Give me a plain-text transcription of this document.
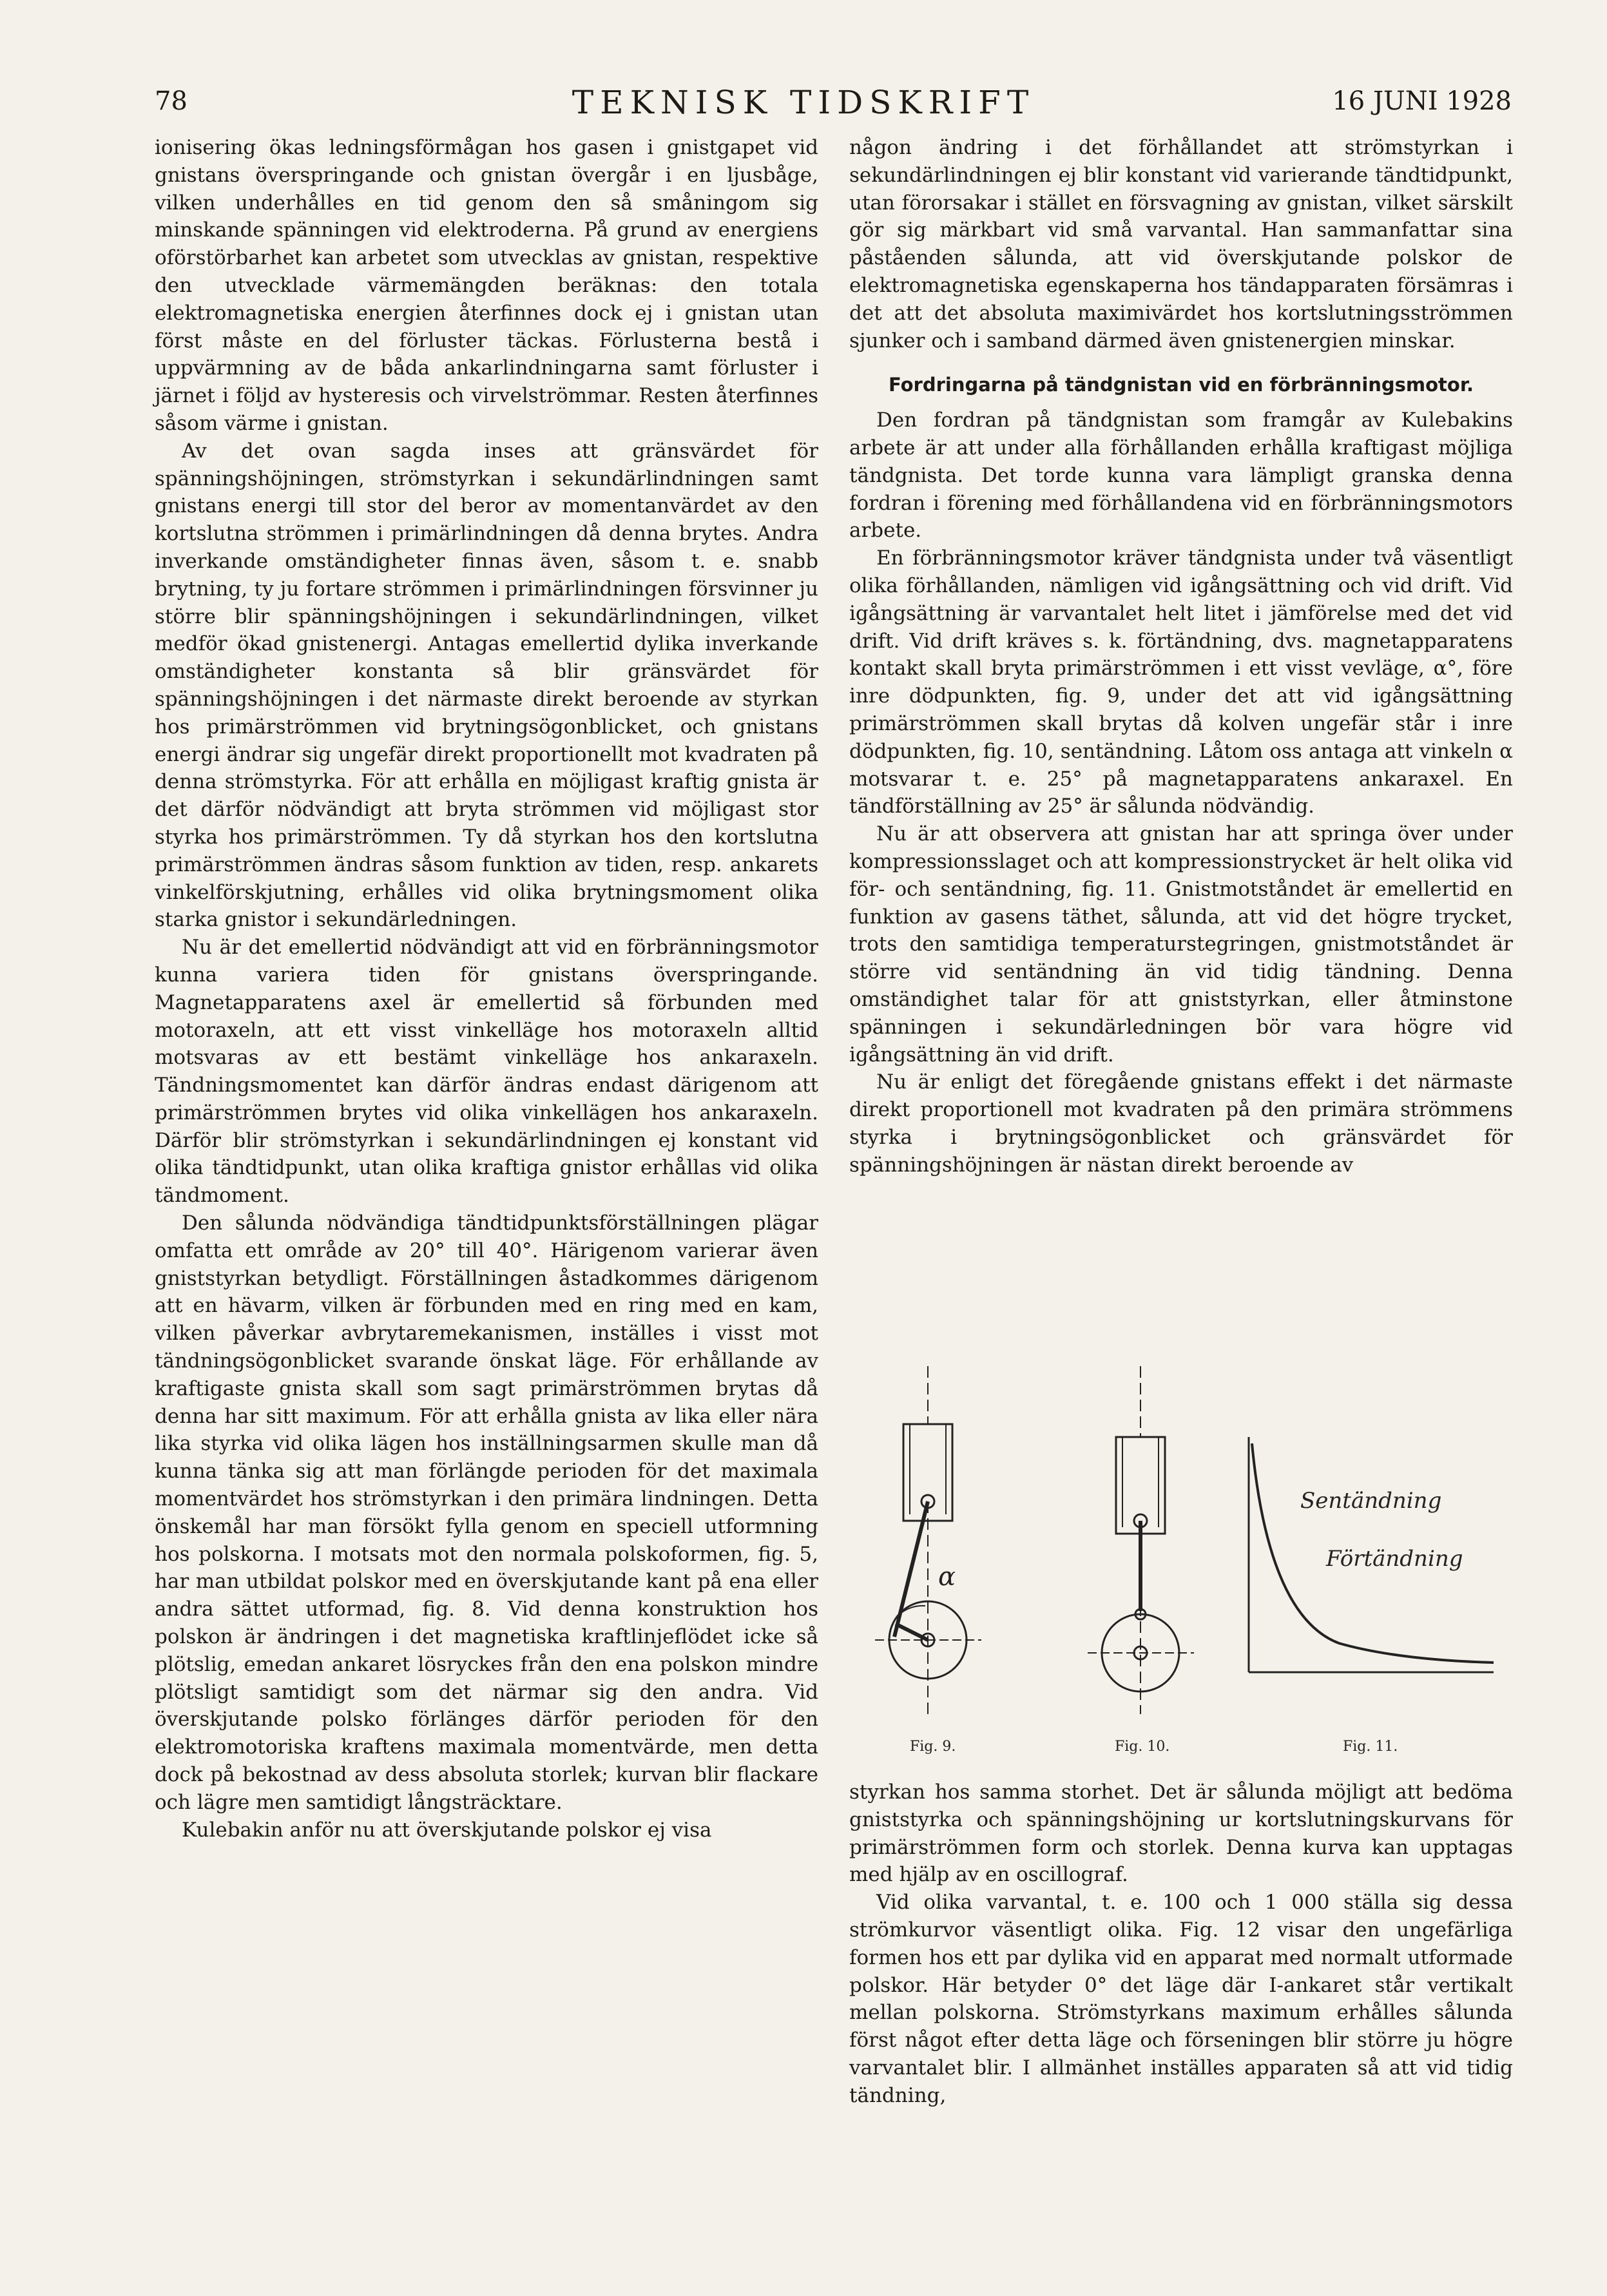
78	TEKNISK TIDSKRIFT	16 JUNI 1928

ionisering ökas ledningsförmågan hos gasen i gnistgapet vid gnistans överspringande och gnistan övergår i en ljusbåge, vilken underhålles en tid genom den så småningom sig minskande spänningen vid elektroderna. På grund av energiens oförstörbarhet kan arbetet som utvecklas av gnistan, respektive den utvecklade värmemängden beräknas: den totala elektromagnetiska energien återfinnes dock ej i gnistan utan först måste en del förluster täckas. Förlusterna bestå i uppvärmning av de båda ankarlindningarna samt förluster i järnet i följd av hysteresis och virvelströmmar. Resten återfinnes såsom värme i gnistan.

Av det ovan sagda inses att gränsvärdet för spänningshöjningen, strömstyrkan i sekundärlindningen samt gnistans energi till stor del beror av momentanvärdet av den kortslutna strömmen i primärlindningen då denna brytes. Andra inverkande omständigheter finnas även, såsom t. e. snabb brytning, ty ju fortare strömmen i primärlindningen försvinner ju större blir spänningshöjningen i sekundärlindningen, vilket medför ökad gnistenergi. Antagas emellertid dylika inverkande omständigheter konstanta så blir gränsvärdet för spänningshöjningen i det närmaste direkt beroende av styrkan hos primärströmmen vid brytningsögonblicket, och gnistans energi ändrar sig ungefär direkt proportionellt mot kvadraten på denna strömstyrka. För att erhålla en möjligast kraftig gnista är det därför nödvändigt att bryta strömmen vid möjligast stor styrka hos primärströmmen. Ty då styrkan hos den kortslutna primärströmmen ändras såsom funktion av tiden, resp. ankarets vinkelförskjutning, erhålles vid olika brytningsmoment olika starka gnistor i sekundärledningen.

Nu är det emellertid nödvändigt att vid en förbränningsmotor kunna variera tiden för gnistans överspringande. Magnetapparatens axel är emellertid så förbunden med motoraxeln, att ett visst vinkelläge hos motoraxeln alltid motsvaras av ett bestämt vinkelläge hos ankaraxeln. Tändningsmomentet kan därför ändras endast därigenom att primärströmmen brytes vid olika vinkellägen hos ankaraxeln. Därför blir strömstyrkan i sekundärlindningen ej konstant vid olika tändtidpunkt, utan olika kraftiga gnistor erhållas vid olika tändmoment.

Den sålunda nödvändiga tändtidpunktsförställningen plägar omfatta ett område av 20° till 40°. Härigenom varierar även gniststyrkan betydligt. Förställningen åstadkommes därigenom att en hävarm, vilken är förbunden med en ring med en kam, vilken påverkar avbrytaremekanismen, inställes i visst mot tändningsögonblicket svarande önskat läge. För erhållande av kraftigaste gnista skall som sagt primärströmmen brytas då denna har sitt maximum. För att erhålla gnista av lika eller nära lika styrka vid olika lägen hos inställningsarmen skulle man då kunna tänka sig att man förlängde perioden för det maximala momentvärdet hos strömstyrkan i den primära lindningen. Detta önskemål har man försökt fylla genom en speciell utformning hos polskorna. I motsats mot den normala polskoformen, fig. 5, har man utbildat polskor med en överskjutande kant på ena eller andra sättet utformad, fig. 8. Vid denna konstruktion hos polskon är ändringen i det magnetiska kraftlinjeflödet icke så plötslig, emedan ankaret lösryckes från den ena polskon mindre plötsligt samtidigt som det närmar sig den andra. Vid överskjutande polsko förlänges därför perioden för den elektromotoriska kraftens maximala momentvärde, men detta dock på bekostnad av dess absoluta storlek; kurvan blir flackare och lägre men samtidigt långsträcktare.

Kulebakin anför nu att överskjutande polskor ej visa

någon ändring i det förhållandet att strömstyrkan i sekundärlindningen ej blir konstant vid varierande tändtidpunkt, utan förorsakar i stället en försvagning av gnistan, vilket särskilt gör sig märkbart vid små varvantal. Han sammanfattar sina påståenden sålunda, att vid överskjutande polskor de elektromagnetiska egenskaperna hos tändapparaten försämras i det att det absoluta maximivärdet hos kortslutningsströmmen sjunker och i samband därmed även gnistenergien minskar.

Fordringarna på tändgnistan vid en förbränningsmotor.

Den fordran på tändgnistan som framgår av Kulebakins arbete är att under alla förhållanden erhålla kraftigast möjliga tändgnista. Det torde kunna vara lämpligt granska denna fordran i förening med förhållandena vid en förbränningsmotors arbete.

En förbränningsmotor kräver tändgnista under två väsentligt olika förhållanden, nämligen vid igångsättning och vid drift. Vid igångsättning är varvantalet helt litet i jämförelse med det vid drift. Vid drift kräves s. k. förtändning, dvs. magnetapparatens kontakt skall bryta primärströmmen i ett visst vevläge, α°, före inre dödpunkten, fig. 9, under det att vid igångsättning primärströmmen skall brytas då kolven ungefär står i inre dödpunkten, fig. 10, sentändning. Låtom oss antaga att vinkeln α motsvarar t. e. 25° på magnetapparatens ankaraxel. En tändförställning av 25° är sålunda nödvändig.

Nu är att observera att gnistan har att springa över under kompressionsslaget och att kompressionstrycket är helt olika vid för- och sentändning, fig. 11. Gnistmotståndet är emellertid en funktion av gasens täthet, sålunda, att vid det högre trycket, trots den samtidiga temperaturstegringen, gnistmotståndet är större vid sentändning än vid tidig tändning. Denna omständighet talar för att gniststyrkan, eller åtminstone spänningen i sekundärledningen bör vara högre vid igångsättning än vid drift.

Nu är enligt det föregående gnistans effekt i det närmaste direkt proportionell mot kvadraten på den primära strömmens styrka i brytningsögonblicket och gränsvärdet för spänningshöjningen är nästan direkt beroende av

α
Fig. 9.	Fig. 10.
Sentändning
Förtändning
Fig. 11.

styrkan hos samma storhet. Det är sålunda möjligt att bedöma gniststyrka och spänningshöjning ur kortslutningskurvans för primärströmmen form och storlek. Denna kurva kan upptagas med hjälp av en oscillograf.

Vid olika varvantal, t. e. 100 och 1 000 ställa sig dessa strömkurvor väsentligt olika. Fig. 12 visar den ungefärliga formen hos ett par dylika vid en apparat med normalt utformade polskor. Här betyder 0° det läge där I-ankaret står vertikalt mellan polskorna. Strömstyrkans maximum erhålles sålunda först något efter detta läge och förseningen blir större ju högre varvantalet blir. I allmänhet inställes apparaten så att vid tidig tändning,
